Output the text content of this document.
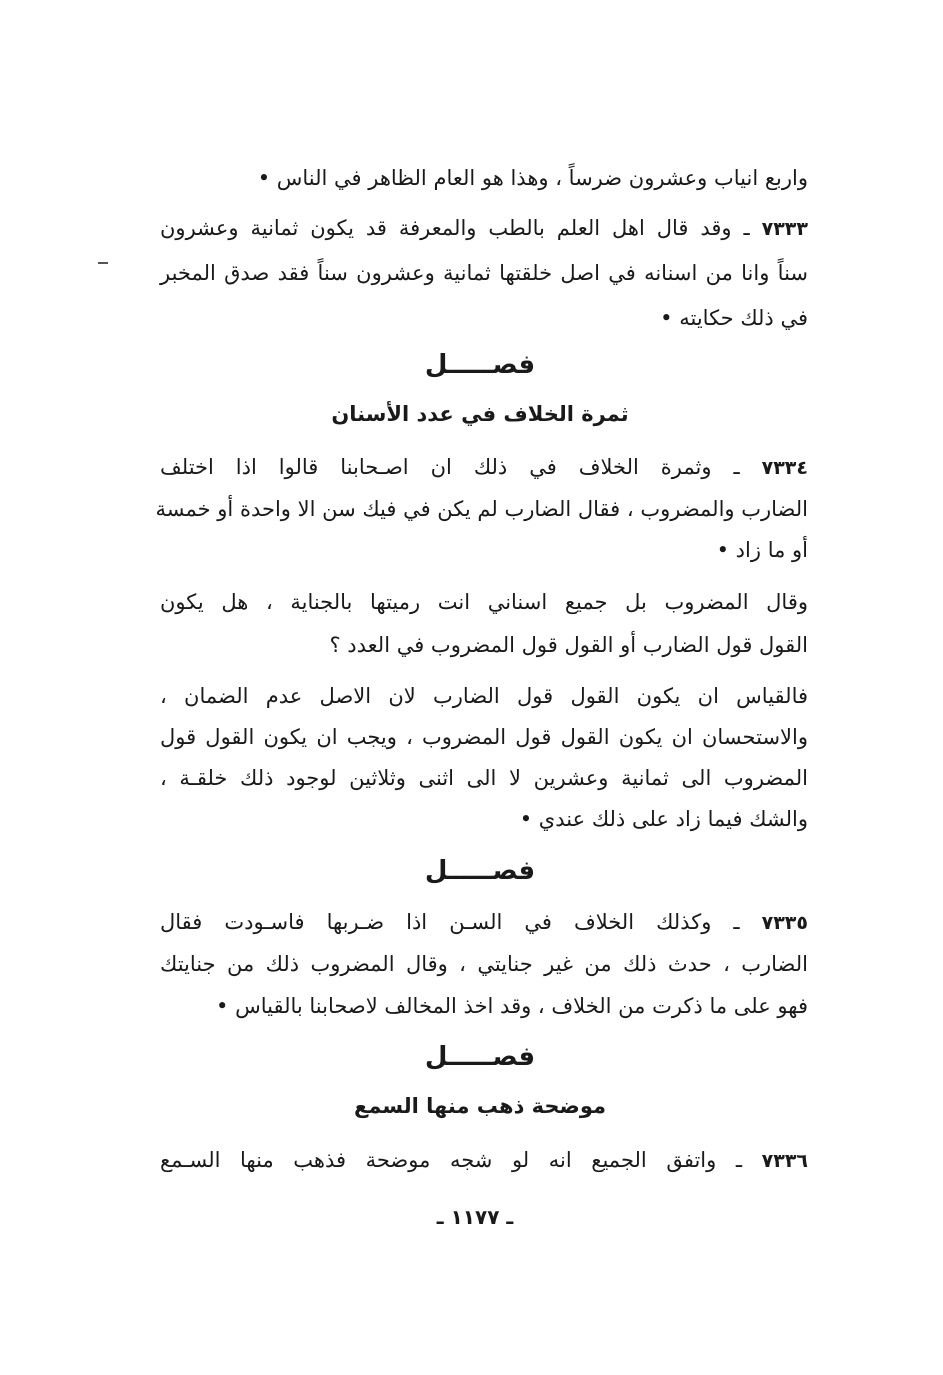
واربع انياب وعشرون ضرساً ، وهذا هو العام الظاهر في الناس •
٧٣٣٣ ـ وقد قال اهل العلم بالطب والمعرفة قد يكون ثمانية وعشرون
سناً وانا من اسنانه في اصل خلقتها ثمانية وعشرون سناً فقد صدق المخبر
في ذلك حكايته •
فصـــــل
ثمرة الخلاف في عدد الأسنان
٧٣٣٤ ـ وثمرة الخلاف في ذلك ان اصـحابنا قالوا اذا اختلف
الضارب والمضروب ، فقال الضارب لم يكن في فيك سن الا واحدة أو خمسة
أو ما زاد •
وقال المضروب بل جميع اسناني انت رميتها بالجناية ، هل يكون
القول قول الضارب أو القول قول المضروب في العدد ؟
فالقياس ان يكون القول قول الضارب لان الاصل عدم الضمان ،
والاستحسان ان يكون القول قول المضروب ، ويجب ان يكون القول قول
المضروب الى ثمانية وعشرين لا الى اثنى وثلاثين لوجود ذلك خلقـة ،
والشك فيما زاد على ذلك عندي •
فصـــــل
٧٣٣٥ ـ وكذلك الخلاف في السـن اذا ضـربها فاسـودت فقال
الضارب ، حدث ذلك من غير جنايتي ، وقال المضروب ذلك من جنايتك
فهو على ما ذكرت من الخلاف ، وقد اخذ المخالف لاصحابنا بالقياس •
فصـــــل
موضحة ذهب منها السمع
٧٣٣٦ ـ واتفق الجميع انه لو شجه موضحة فذهب منها السـمع
ـ ١١٧٧ ـ
